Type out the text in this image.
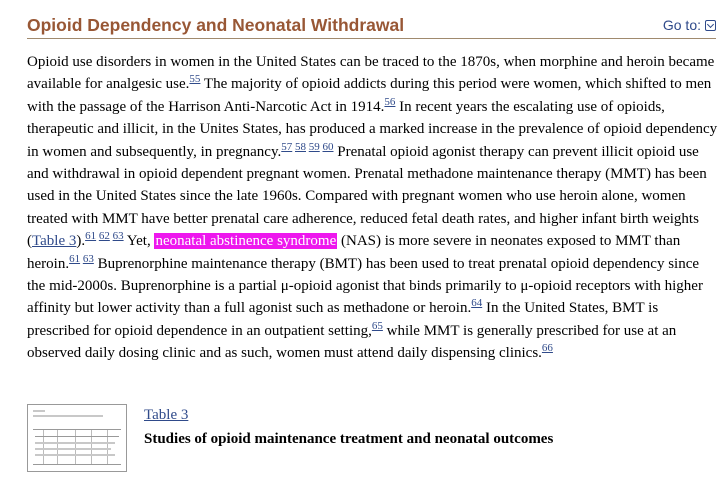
Opioid Dependency and Neonatal Withdrawal	Go to:

Opioid use disorders in women in the United States can be traced to the 1870s, when morphine and heroin became available for analgesic use.$^{55}$ The majority of opioid addicts during this period were women, which shifted to men with the passage of the Harrison Anti-Narcotic Act in 1914.56 In recent years the escalating use of opioids, therapeutic and illicit, in the Unites States, has produced a marked increase in the prevalence of opioid dependency in women and subsequently, in pregnancy.$^{57 58 59 60}$ Prenatal opioid agonist therapy can prevent illicit opioid use and withdrawal in opioid dependent pregnant women. Prenatal methadone maintenance therapy (MMT) has been used in the United States since the late 1960s. Compared with pregnant women who use heroin alone, women treated with MMT have better prenatal care adherence, reduced fetal death rates, and higher infant birth weights (Table 3).$^{61 62 63}$ Yet, neonatal abstinence syndrome (NAS) is more severe in neonates exposed to MMT than heroin.$^{61 63}$ Buprenorphine maintenance therapy (BMT) has been used to treat prenatal opioid dependency since the mid-2000s. Buprenorphine is a partial μ-opioid agonist that binds primarily to μ-opioid receptors with higher affinity but lower activity than a full agonist such as methadone or heroin.$^{64}$ In the United States, BMT is prescribed for opioid dependence in an outpatient setting,$^{65}$ while MMT is generally prescribed for use at an observed daily dosing clinic and as such, women must attend daily dispensing clinics.$^{66}$

Table 3
Studies of opioid maintenance treatment and neonatal outcomes
